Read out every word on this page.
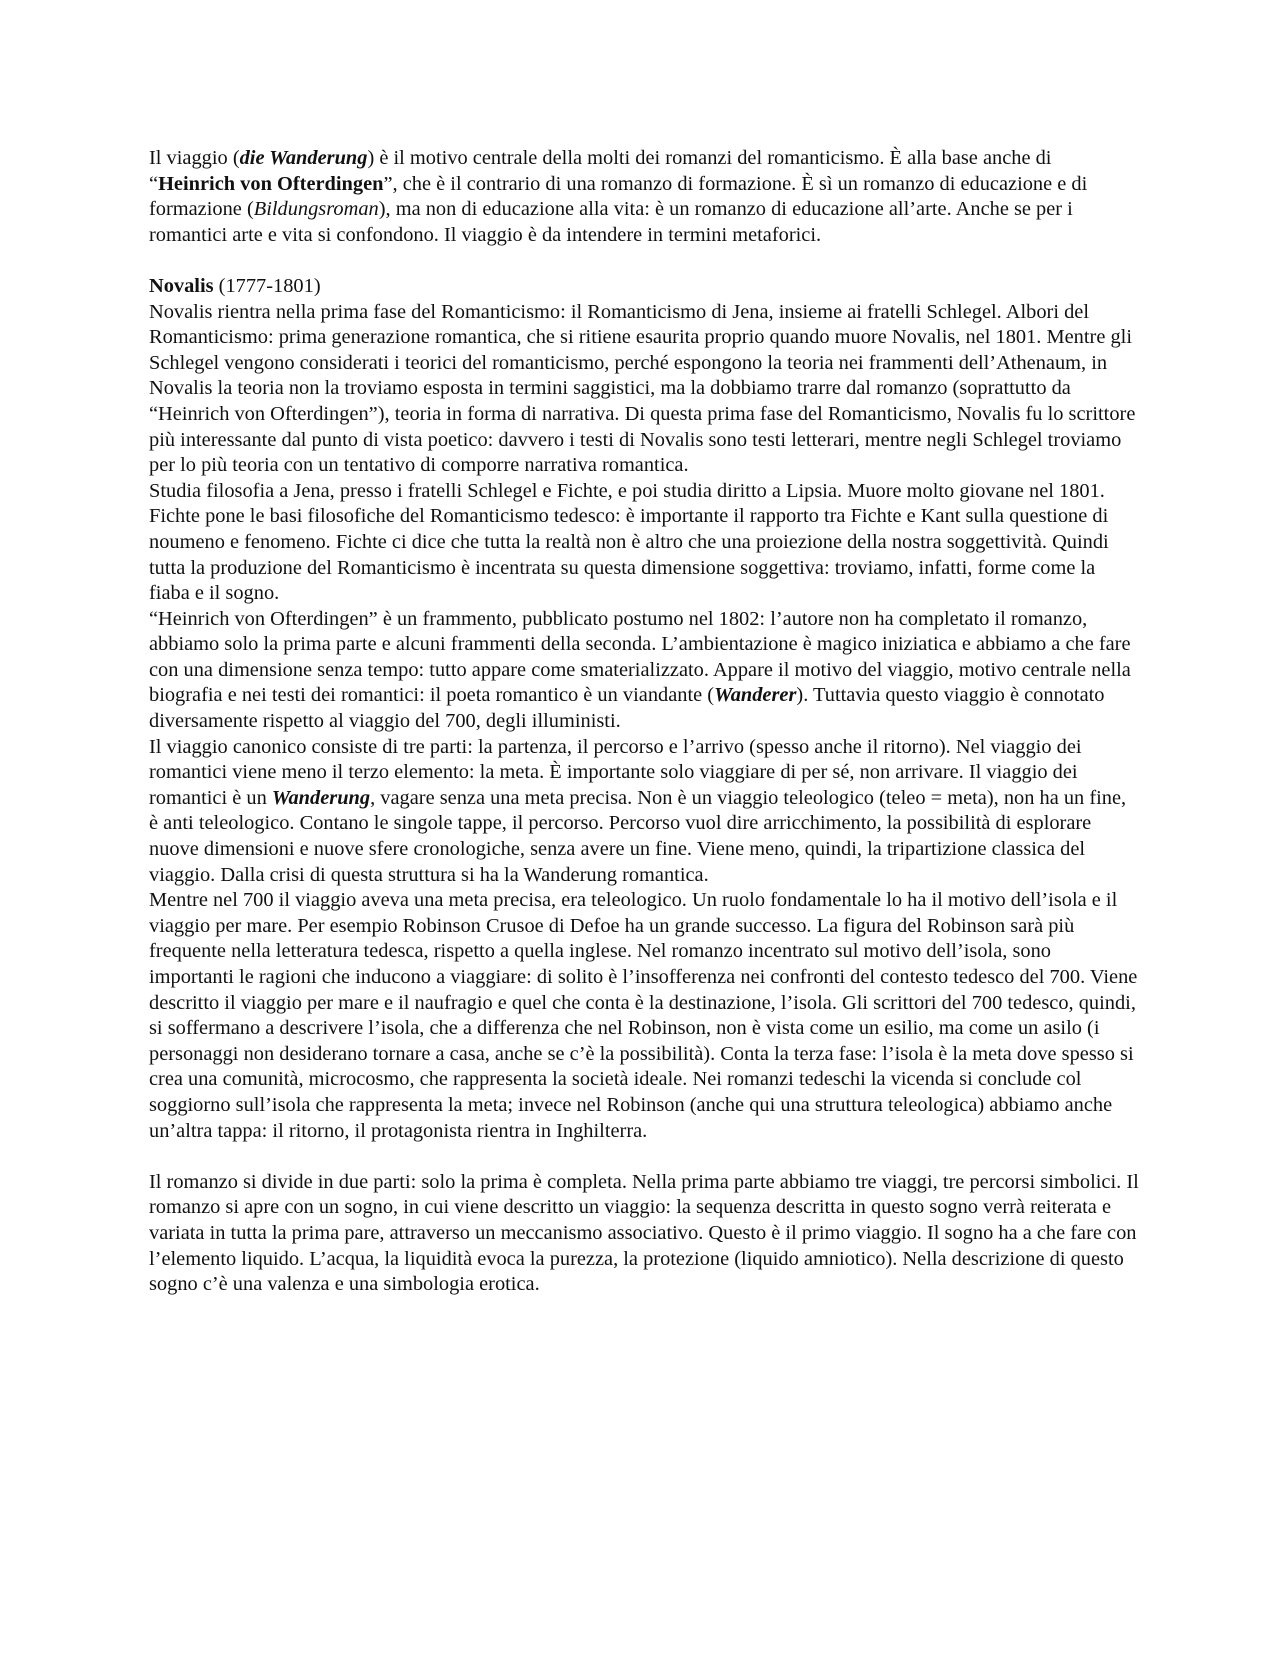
Il viaggio (die Wanderung) è il motivo centrale della molti dei romanzi del romanticismo. È alla base anche di “Heinrich von Ofterdingen”, che è il contrario di una romanzo di formazione. È sì un romanzo di educazione e di formazione (Bildungsroman), ma non di educazione alla vita: è un romanzo di educazione all’arte. Anche se per i romantici arte e vita si confondono. Il viaggio è da intendere in termini metaforici.

Novalis (1777-1801)

Novalis rientra nella prima fase del Romanticismo: il Romanticismo di Jena, insieme ai fratelli Schlegel. Albori del Romanticismo: prima generazione romantica, che si ritiene esaurita proprio quando muore Novalis, nel 1801. Mentre gli Schlegel vengono considerati i teorici del romanticismo, perché espongono la teoria nei frammenti dell’Athenaum, in Novalis la teoria non la troviamo esposta in termini saggistici, ma la dobbiamo trarre dal romanzo (soprattutto da “Heinrich von Ofterdingen”), teoria in forma di narrativa. Di questa prima fase del Romanticismo, Novalis fu lo scrittore più interessante dal punto di vista poetico: davvero i testi di Novalis sono testi letterari, mentre negli Schlegel troviamo per lo più teoria con un tentativo di comporre narrativa romantica.

Studia filosofia a Jena, presso i fratelli Schlegel e Fichte, e poi studia diritto a Lipsia. Muore molto giovane nel 1801.

Fichte pone le basi filosofiche del Romanticismo tedesco: è importante il rapporto tra Fichte e Kant sulla questione di noumeno e fenomeno. Fichte ci dice che tutta la realtà non è altro che una proiezione della nostra soggettività. Quindi tutta la produzione del Romanticismo è incentrata su questa dimensione soggettiva: troviamo, infatti, forme come la fiaba e il sogno.

“Heinrich von Ofterdingen” è un frammento, pubblicato postumo nel 1802: l’autore non ha completato il romanzo, abbiamo solo la prima parte e alcuni frammenti della seconda. L’ambientazione è magico iniziatica e abbiamo a che fare con una dimensione senza tempo: tutto appare come smaterializzato. Appare il motivo del viaggio, motivo centrale nella biografia e nei testi dei romantici: il poeta romantico è un viandante (Wanderer). Tuttavia questo viaggio è connotato diversamente rispetto al viaggio del 700, degli illuministi.

Il viaggio canonico consiste di tre parti: la partenza, il percorso e l’arrivo (spesso anche il ritorno). Nel viaggio dei romantici viene meno il terzo elemento: la meta. È importante solo viaggiare di per sé, non arrivare. Il viaggio dei romantici è un Wanderung, vagare senza una meta precisa. Non è un viaggio teleologico (teleo = meta), non ha un fine, è anti teleologico. Contano le singole tappe, il percorso. Percorso vuol dire arricchimento, la possibilità di esplorare nuove dimensioni e nuove sfere cronologiche, senza avere un fine. Viene meno, quindi, la tripartizione classica del viaggio. Dalla crisi di questa struttura si ha la Wanderung romantica.

Mentre nel 700 il viaggio aveva una meta precisa, era teleologico. Un ruolo fondamentale lo ha il motivo dell’isola e il viaggio per mare. Per esempio Robinson Crusoe di Defoe ha un grande successo. La figura del Robinson sarà più frequente nella letteratura tedesca, rispetto a quella inglese. Nel romanzo incentrato sul motivo dell’isola, sono importanti le ragioni che inducono a viaggiare: di solito è l’insofferenza nei confronti del contesto tedesco del 700. Viene descritto il viaggio per mare e il naufragio e quel che conta è la destinazione, l’isola. Gli scrittori del 700 tedesco, quindi, si soffermano a descrivere l’isola, che a differenza che nel Robinson, non è vista come un esilio, ma come un asilo (i personaggi non desiderano tornare a casa, anche se c’è la possibilità). Conta la terza fase: l’isola è la meta dove spesso si crea una comunità, microcosmo, che rappresenta la società ideale. Nei romanzi tedeschi la vicenda si conclude col soggiorno sull’isola che rappresenta la meta; invece nel Robinson (anche qui una struttura teleologica) abbiamo anche un’altra tappa: il ritorno, il protagonista rientra in Inghilterra.

Il romanzo si divide in due parti: solo la prima è completa. Nella prima parte abbiamo tre viaggi, tre percorsi simbolici. Il romanzo si apre con un sogno, in cui viene descritto un viaggio: la sequenza descritta in questo sogno verrà reiterata e variata in tutta la prima pare, attraverso un meccanismo associativo. Questo è il primo viaggio. Il sogno ha a che fare con l’elemento liquido. L’acqua, la liquidità evoca la purezza, la protezione (liquido amniotico). Nella descrizione di questo sogno c’è una valenza e una simbologia erotica.
